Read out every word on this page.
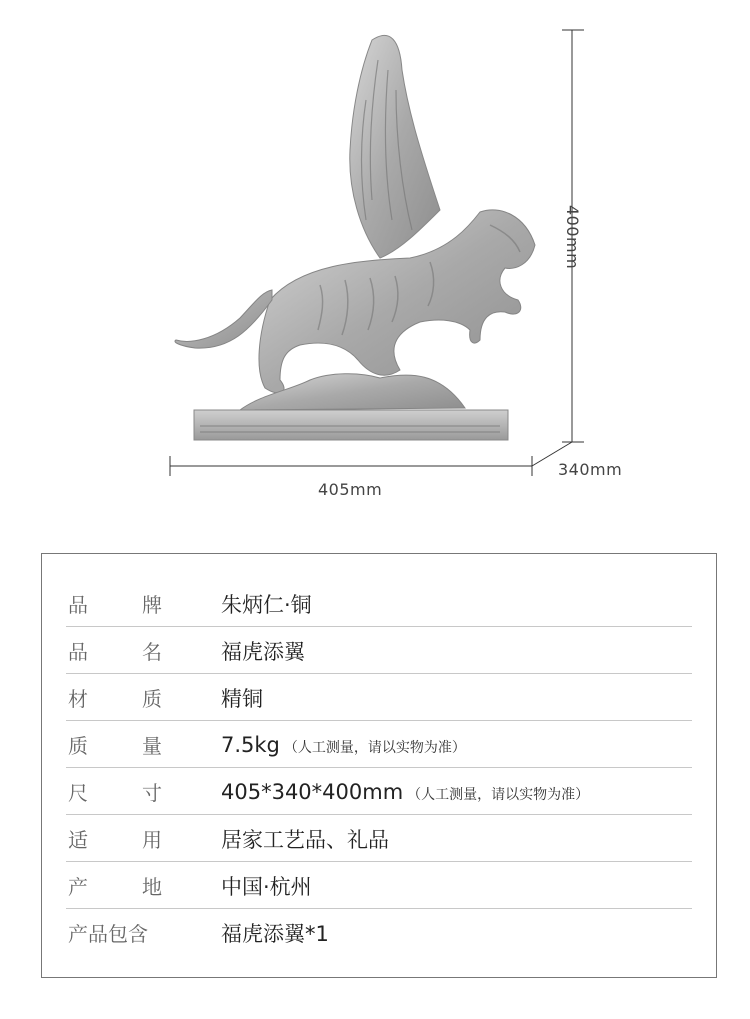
405mm
340mm
400mm
品	牌	朱炳仁·铜
品	名	福虎添翼
材	质	精铜
质	量	7.5kg （人工测量，请以实物为准）
尺	寸	405*340*400mm （人工测量，请以实物为准）
适	用	居家工艺品、礼品
产	地	中国·杭州
产品包含	福虎添翼*1
